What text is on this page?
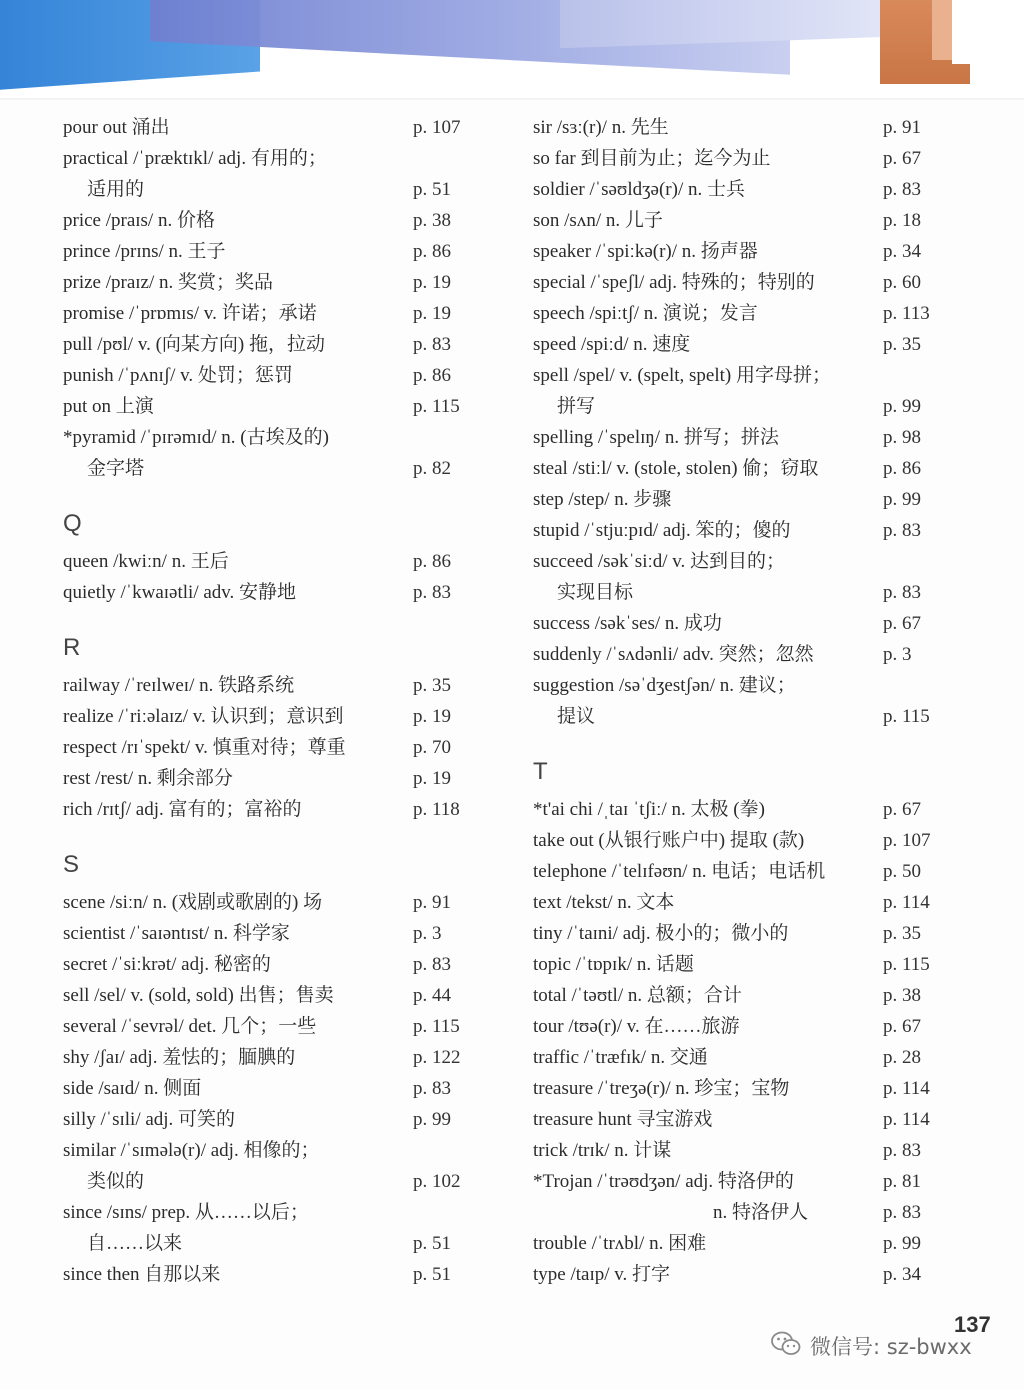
pour out 涌出	p. 107
practical /ˈpræktɪkl/ adj. 有用的；
适用的	p. 51
price /praɪs/ n. 价格	p. 38
prince /prɪns/ n. 王子	p. 86
prize /praɪz/ n. 奖赏；奖品	p. 19
promise /ˈprɒmɪs/ v. 许诺；承诺	p. 19
pull /pʊl/ v. (向某方向) 拖，拉动	p. 83
punish /ˈpʌnɪʃ/ v. 处罚；惩罚	p. 86
put on 上演	p. 115
*pyramid /ˈpɪrəmɪd/ n. (古埃及的)
金字塔	p. 82
Q
queen /kwiːn/ n. 王后	p. 86
quietly /ˈkwaɪətli/ adv. 安静地	p. 83
R
railway /ˈreɪlweɪ/ n. 铁路系统	p. 35
realize /ˈriːəlaɪz/ v. 认识到；意识到	p. 19
respect /rɪˈspekt/ v. 慎重对待；尊重	p. 70
rest /rest/ n. 剩余部分	p. 19
rich /rɪtʃ/ adj. 富有的；富裕的	p. 118
S
scene /siːn/ n. (戏剧或歌剧的) 场	p. 91
scientist /ˈsaɪəntɪst/ n. 科学家	p. 3
secret /ˈsiːkrət/ adj. 秘密的	p. 83
sell /sel/ v. (sold, sold) 出售；售卖	p. 44
several /ˈsevrəl/ det. 几个；一些	p. 115
shy /ʃaɪ/ adj. 羞怯的；腼腆的	p. 122
side /saɪd/ n. 侧面	p. 83
silly /ˈsɪli/ adj. 可笑的	p. 99
similar /ˈsɪmələ(r)/ adj. 相像的；
类似的	p. 102
since /sɪns/ prep. 从……以后；
自……以来	p. 51
since then 自那以来	p. 51
sir /sɜː(r)/ n. 先生	p. 91
so far 到目前为止；迄今为止	p. 67
soldier /ˈsəʊldʒə(r)/ n. 士兵	p. 83
son /sʌn/ n. 儿子	p. 18
speaker /ˈspiːkə(r)/ n. 扬声器	p. 34
special /ˈspeʃl/ adj. 特殊的；特别的	p. 60
speech /spiːtʃ/ n. 演说；发言	p. 113
speed /spiːd/ n. 速度	p. 35
spell /spel/ v. (spelt, spelt) 用字母拼；
拼写	p. 99
spelling /ˈspelɪŋ/ n. 拼写；拼法	p. 98
steal /stiːl/ v. (stole, stolen) 偷；窃取	p. 86
step /step/ n. 步骤	p. 99
stupid /ˈstjuːpɪd/ adj. 笨的；傻的	p. 83
succeed /səkˈsiːd/ v. 达到目的；
实现目标	p. 83
success /səkˈses/ n. 成功	p. 67
suddenly /ˈsʌdənli/ adv. 突然；忽然	p. 3
suggestion /səˈdʒestʃən/ n. 建议；
提议	p. 115
T
*t'ai chi /ˌtaɪ ˈtʃiː/ n. 太极 (拳)	p. 67
take out (从银行账户中) 提取 (款)	p. 107
telephone /ˈtelɪfəʊn/ n. 电话；电话机	p. 50
text /tekst/ n. 文本	p. 114
tiny /ˈtaɪni/ adj. 极小的；微小的	p. 35
topic /ˈtɒpɪk/ n. 话题	p. 115
total /ˈtəʊtl/ n. 总额；合计	p. 38
tour /tʊə(r)/ v. 在……旅游	p. 67
traffic /ˈtræfɪk/ n. 交通	p. 28
treasure /ˈtreʒə(r)/ n. 珍宝；宝物	p. 114
treasure hunt 寻宝游戏	p. 114
trick /trɪk/ n. 计谋	p. 83
*Trojan /ˈtrəʊdʒən/ adj. 特洛伊的	p. 81
n. 特洛伊人	p. 83
trouble /ˈtrʌbl/ n. 困难	p. 99
type /taɪp/ v. 打字	p. 34
137
微信号: sz-bwxx
